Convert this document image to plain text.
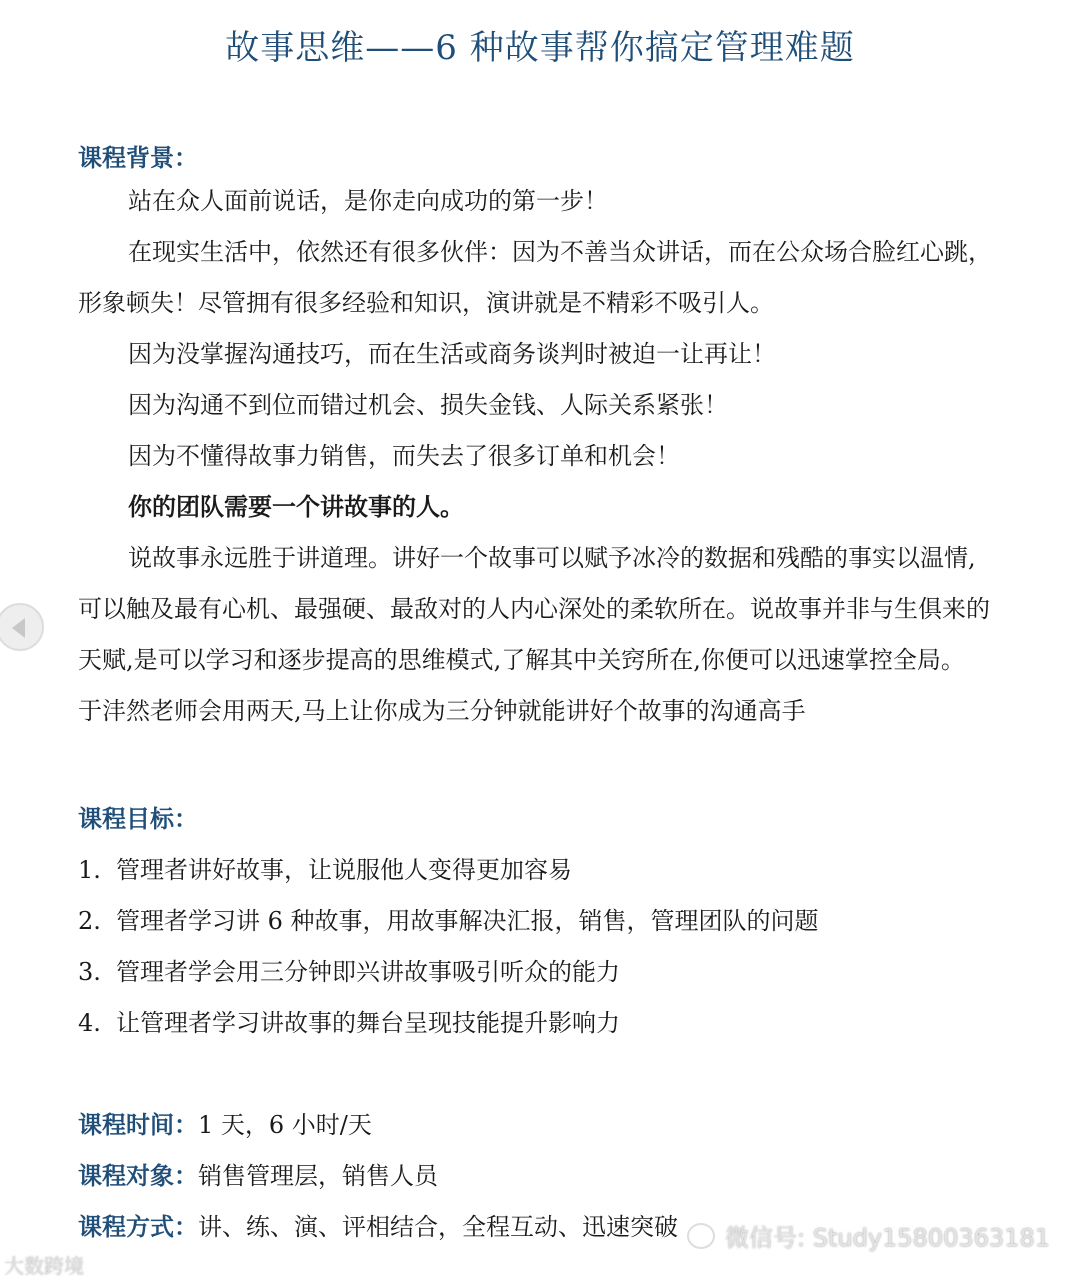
故事思维——6 种故事帮你搞定管理难题
课程背景：
站在众人面前说话，是你走向成功的第一步！
在现实生活中，依然还有很多伙伴：因为不善当众讲话，而在公众场合脸红心跳，
形象顿失！尽管拥有很多经验和知识，演讲就是不精彩不吸引人。
因为没掌握沟通技巧，而在生活或商务谈判时被迫一让再让！
因为沟通不到位而错过机会、损失金钱、人际关系紧张！
因为不懂得故事力销售，而失去了很多订单和机会！
你的团队需要一个讲故事的人。
说故事永远胜于讲道理。讲好一个故事可以赋予冰冷的数据和残酷的事实以温情,
可以触及最有心机、最强硬、最敌对的人内心深处的柔软所在。说故事并非与生俱来的
天赋,是可以学习和逐步提高的思维模式,了解其中关窍所在,你便可以迅速掌控全局。
于沣然老师会用两天,马上让你成为三分钟就能讲好个故事的沟通高手
课程目标：
1. 管理者讲好故事，让说服他人变得更加容易
2. 管理者学习讲 6 种故事，用故事解决汇报，销售，管理团队的问题
3. 管理者学会用三分钟即兴讲故事吸引听众的能力
4. 让管理者学习讲故事的舞台呈现技能提升影响力
课程时间：1 天，6 小时/天
课程对象：销售管理层，销售人员
课程方式：讲、练、演、评相结合，全程互动、迅速突破
大数跨境
微信号: Study15800363181
